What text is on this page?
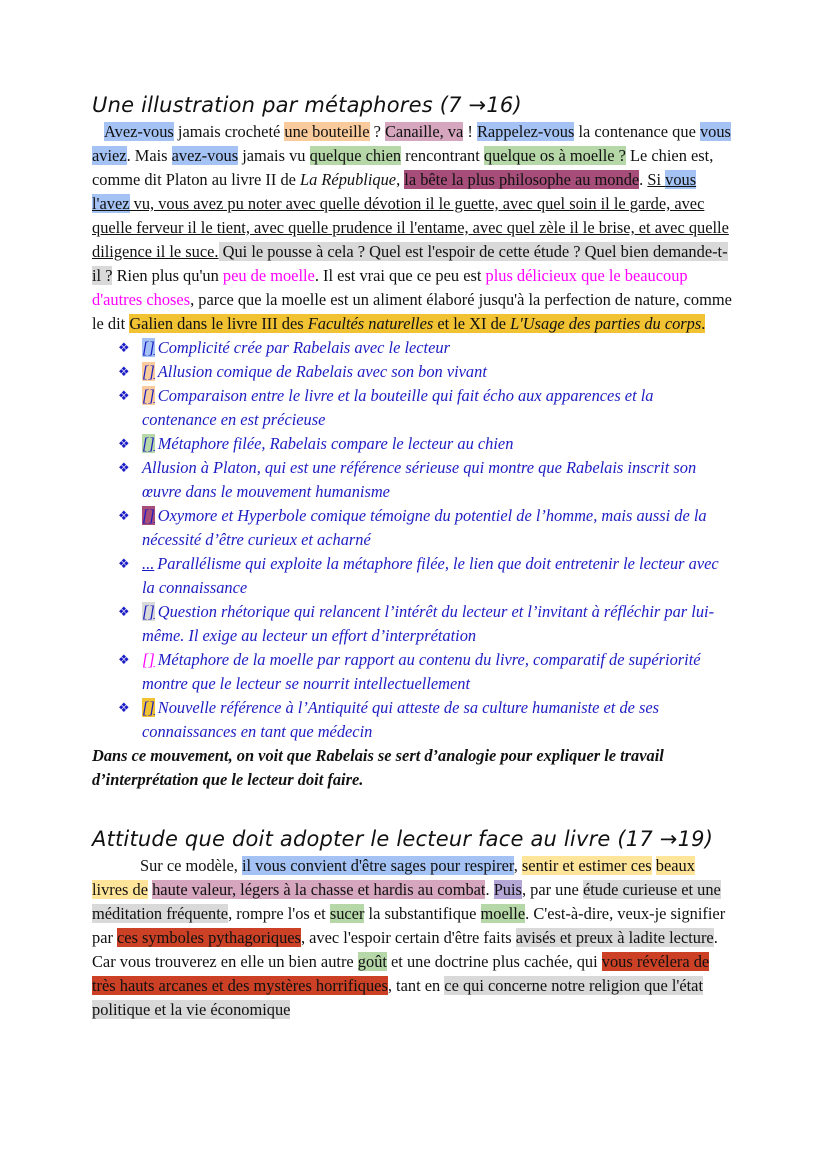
Une illustration par métaphores (7 →16)

Avez-vous jamais crocheté une bouteille ? Canaille, va ! Rappelez-vous la contenance que vous aviez. Mais avez-vous jamais vu quelque chien rencontrant quelque os à moelle ? Le chien est, comme dit Platon au livre II de La République, la bête la plus philosophe au monde. Si vous l'avez vu, vous avez pu noter avec quelle dévotion il le guette, avec quel soin il le garde, avec quelle ferveur il le tient, avec quelle prudence il l'entame, avec quel zèle il le brise, et avec quelle diligence il le suce. Qui le pousse à cela ? Quel est l'espoir de cette étude ? Quel bien demande-t-il ? Rien plus qu'un peu de moelle. Il est vrai que ce peu est plus délicieux que le beaucoup d'autres choses, parce que la moelle est un aliment élaboré jusqu'à la perfection de nature, comme le dit Galien dans le livre III des Facultés naturelles et le XI de L'Usage des parties du corps.

❖ [] Complicité crée par Rabelais avec le lecteur
❖ [] Allusion comique de Rabelais avec son bon vivant
❖ [] Comparaison entre le livre et la bouteille qui fait écho aux apparences et la contenance en est précieuse
❖ [] Métaphore filée, Rabelais compare le lecteur au chien
❖ Allusion à Platon, qui est une référence sérieuse qui montre que Rabelais inscrit son œuvre dans le mouvement humanisme
❖ [] Oxymore et Hyperbole comique témoigne du potentiel de l’homme, mais aussi de la nécessité d’être curieux et acharné
❖ ... Parallélisme qui exploite la métaphore filée, le lien que doit entretenir le lecteur avec la connaissance
❖ [] Question rhétorique qui relancent l’intérêt du lecteur et l’invitant à réfléchir par lui-même. Il exige au lecteur un effort d’interprétation
❖ [] Métaphore de la moelle par rapport au contenu du livre, comparatif de supériorité montre que le lecteur se nourrit intellectuellement
❖ [] Nouvelle référence à l’Antiquité qui atteste de sa culture humaniste et de ses connaissances en tant que médecin

Dans ce mouvement, on voit que Rabelais se sert d’analogie pour expliquer le travail d’interprétation que le lecteur doit faire.

Attitude que doit adopter le lecteur face au livre (17 →19)

Sur ce modèle, il vous convient d'être sages pour respirer, sentir et estimer ces beaux livres de haute valeur, légers à la chasse et hardis au combat. Puis, par une étude curieuse et une méditation fréquente, rompre l'os et sucer la substantifique moelle. C'est-à-dire, veux-je signifier par ces symboles pythagoriques, avec l'espoir certain d'être faits avisés et preux à ladite lecture. Car vous trouverez en elle un bien autre goût et une doctrine plus cachée, qui vous révélera de très hauts arcanes et des mystères horrifiques, tant en ce qui concerne notre religion que l'état politique et la vie économique
